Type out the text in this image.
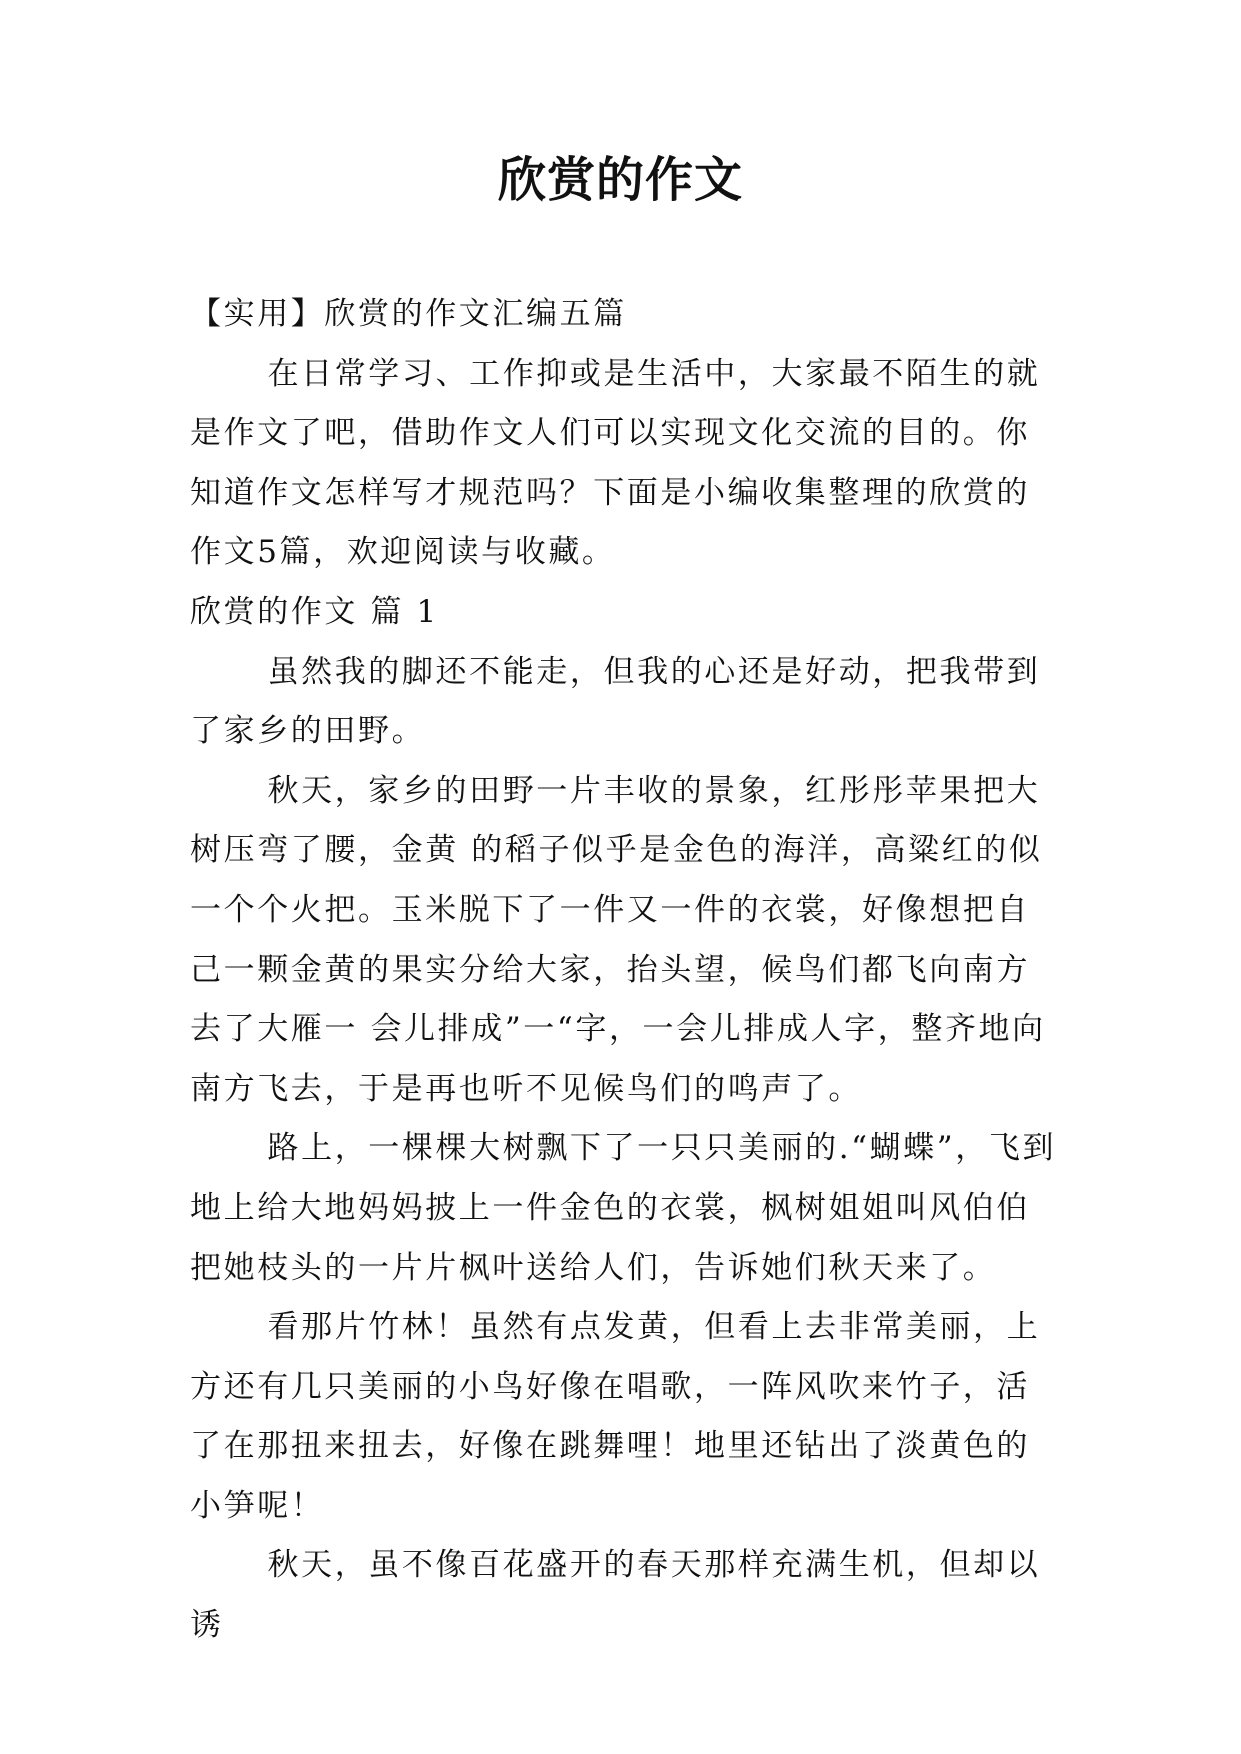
欣赏的作文

【实用】欣赏的作文汇编五篇

在日常学习、工作抑或是生活中，大家最不陌生的就是作文了吧，借助作文人们可以实现文化交流的目的。你知道作文怎样写才规范吗？下面是小编收集整理的欣赏的作文5篇，欢迎阅读与收藏。

欣赏的作文 篇 1

虽然我的脚还不能走，但我的心还是好动，把我带到了家乡的田野。

秋天，家乡的田野一片丰收的景象，红彤彤苹果把大树压弯了腰，金黄 的稻子似乎是金色的海洋，高粱红的似一个个火把。玉米脱下了一件又一件的衣裳，好像想把自己一颗金黄的果实分给大家，抬头望，候鸟们都飞向南方去了大雁一 会儿排成”一“字，一会儿排成人字，整齐地向南方飞去，于是再也听不见候鸟们的鸣声了。

路上，一棵棵大树飘下了一只只美丽的.“蝴蝶”，飞到地上给大地妈妈披上一件金色的衣裳，枫树姐姐叫风伯伯把她枝头的一片片枫叶送给人们，告诉她们秋天来了。

看那片竹林！虽然有点发黄，但看上去非常美丽，上方还有几只美丽的小鸟好像在唱歌，一阵风吹来竹子，活了在那扭来扭去，好像在跳舞哩！地里还钻出了淡黄色的小笋呢！

秋天，虽不像百花盛开的春天那样充满生机，但却以诱
